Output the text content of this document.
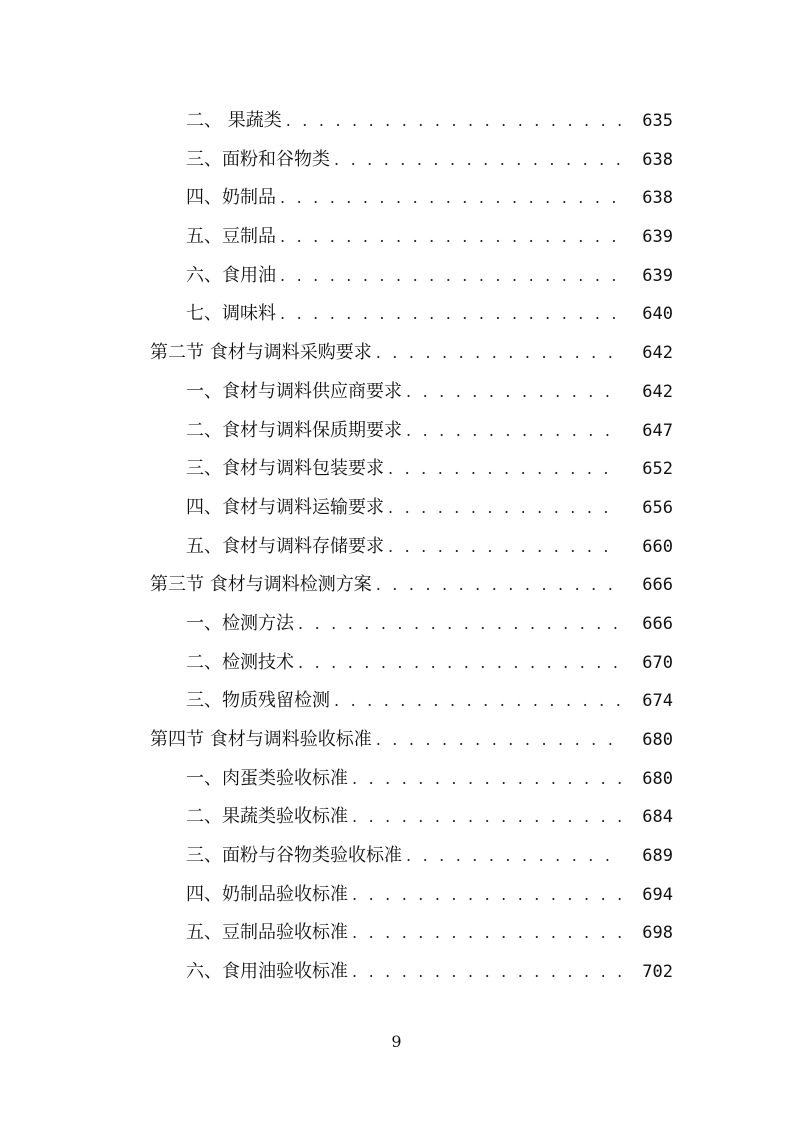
二、 果蔬类 . . .	635
三、面粉和谷物类 . . .	638
四、奶制品 . . .	638
五、豆制品 . . .	639
六、食用油 . . .	639
七、调味料 . . .	640
第二节 食材与调料采购要求 . . .	642
一、食材与调料供应商要求 . . .	642
二、食材与调料保质期要求 . . .	647
三、食材与调料包装要求 . . .	652
四、食材与调料运输要求 . . .	656
五、食材与调料存储要求 . . .	660
第三节 食材与调料检测方案 . . .	666
一、检测方法 . . .	666
二、检测技术 . . .	670
三、物质残留检测 . . .	674
第四节 食材与调料验收标准 . . .	680
一、肉蛋类验收标准 . . .	680
二、果蔬类验收标准 . . .	684
三、面粉与谷物类验收标准 . . .	689
四、奶制品验收标准 . . .	694
五、豆制品验收标准 . . .	698
六、食用油验收标准 . . .	702
9
